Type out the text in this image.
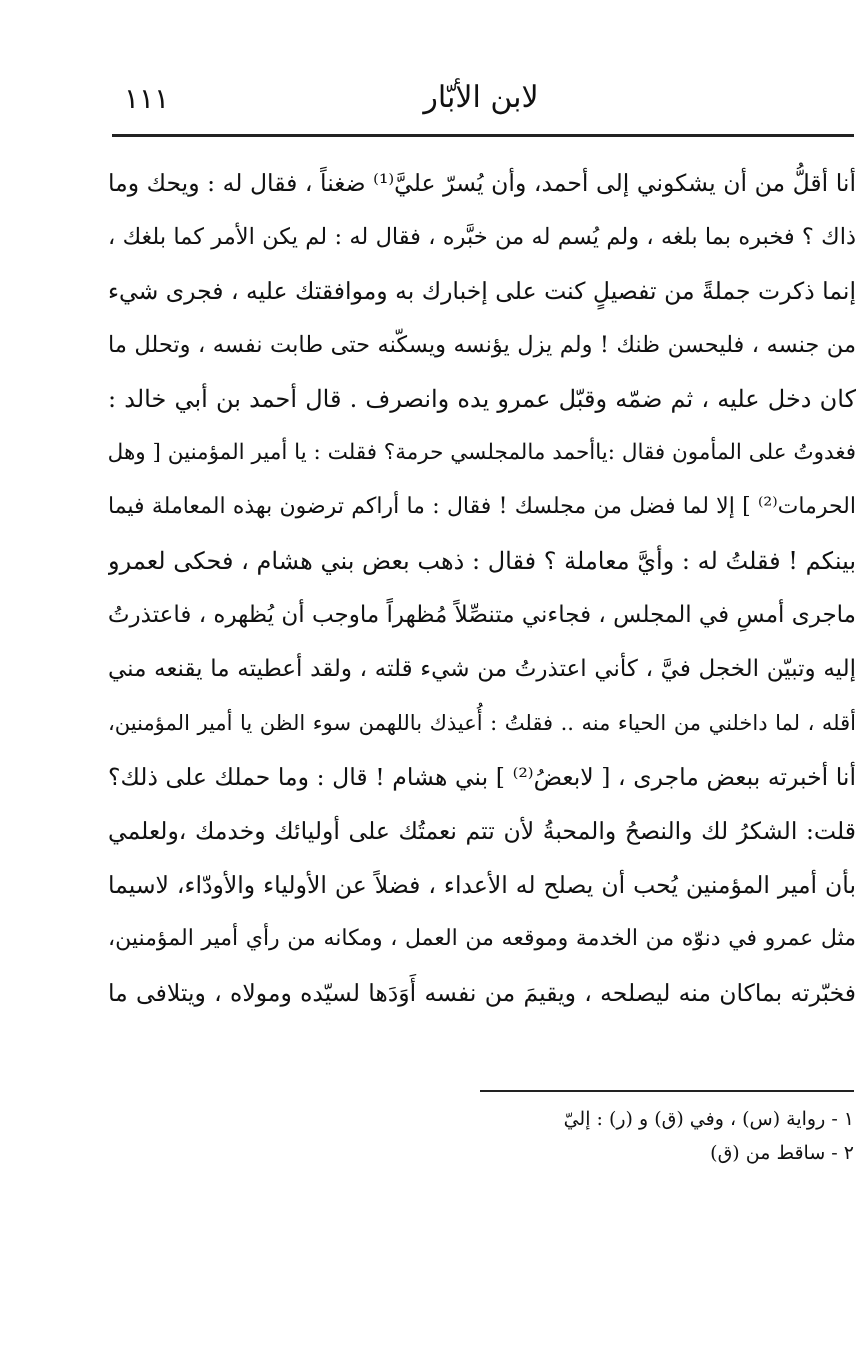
لابن الأبّار
١١١
أنا أقلُّ من أن يشكوني إلى أحمد، وأن يُسرّ عليَّ⁽¹⁾ ضغناً ، فقال له : ويحك وما
ذاك ؟ فخبره بما بلغه ، ولم يُسم له من خبَّره ، فقال له : لم يكن الأمر كما بلغك ،
إنما ذكرت جملةً من تفصيلٍ كنت على إخبارك به وموافقتك عليه ، فجرى شيء
من جنسه ، فليحسن ظنك ! ولم يزل يؤنسه ويسكّنه حتى طابت نفسه ، وتحلل ما
كان دخل عليه ، ثم ضمّه وقبّل عمرو يده وانصرف . قال أحمد بن أبي خالد :
فغدوتُ على المأمون فقال :ياأحمد مالمجلسي حرمة؟ فقلت : يا أمير المؤمنين [ وهل
الحرمات⁽²⁾ ] إلا لما فضل من مجلسك ! فقال : ما أراكم ترضون بهذه المعاملة فيما
بينكم ! فقلتُ له : وأيَّ معاملة ؟ فقال : ذهب بعض بني هشام ، فحكى لعمرو
ماجرى أمسِ في المجلس ، فجاءني متنصِّلاً مُظهراً ماوجب أن يُظهره ، فاعتذرتُ
إليه وتبيّن الخجل فيَّ ، كأني اعتذرتُ من شيء قلته ، ولقد أعطيته ما يقنعه مني
أقله ، لما داخلني من الحياء منه .. فقلتُ : أُعيذك باللهمن سوء الظن يا أمير المؤمنين،
أنا أخبرته ببعض ماجرى ، [ لابعضُ⁽²⁾ ] بني هشام ! قال : وما حملك على ذلك؟
قلت: الشكرُ لك والنصحُ والمحبةُ لأن تتم نعمتُك على أوليائك وخدمك ،ولعلمي
بأن أمير المؤمنين يُحب أن يصلح له الأعداء ، فضلاً عن الأولياء والأودّاء، لاسيما
مثل عمرو في دنوّه من الخدمة وموقعه من العمل ، ومكانه من رأي أمير المؤمنين،
فخبّرته بماكان منه ليصلحه ، ويقيمَ من نفسه أَوَدَها لسيّده ومولاه ، ويتلافى ما
١ - رواية (س) ، وفي (ق) و (ر) : إليّ
٢ - ساقط من (ق)
